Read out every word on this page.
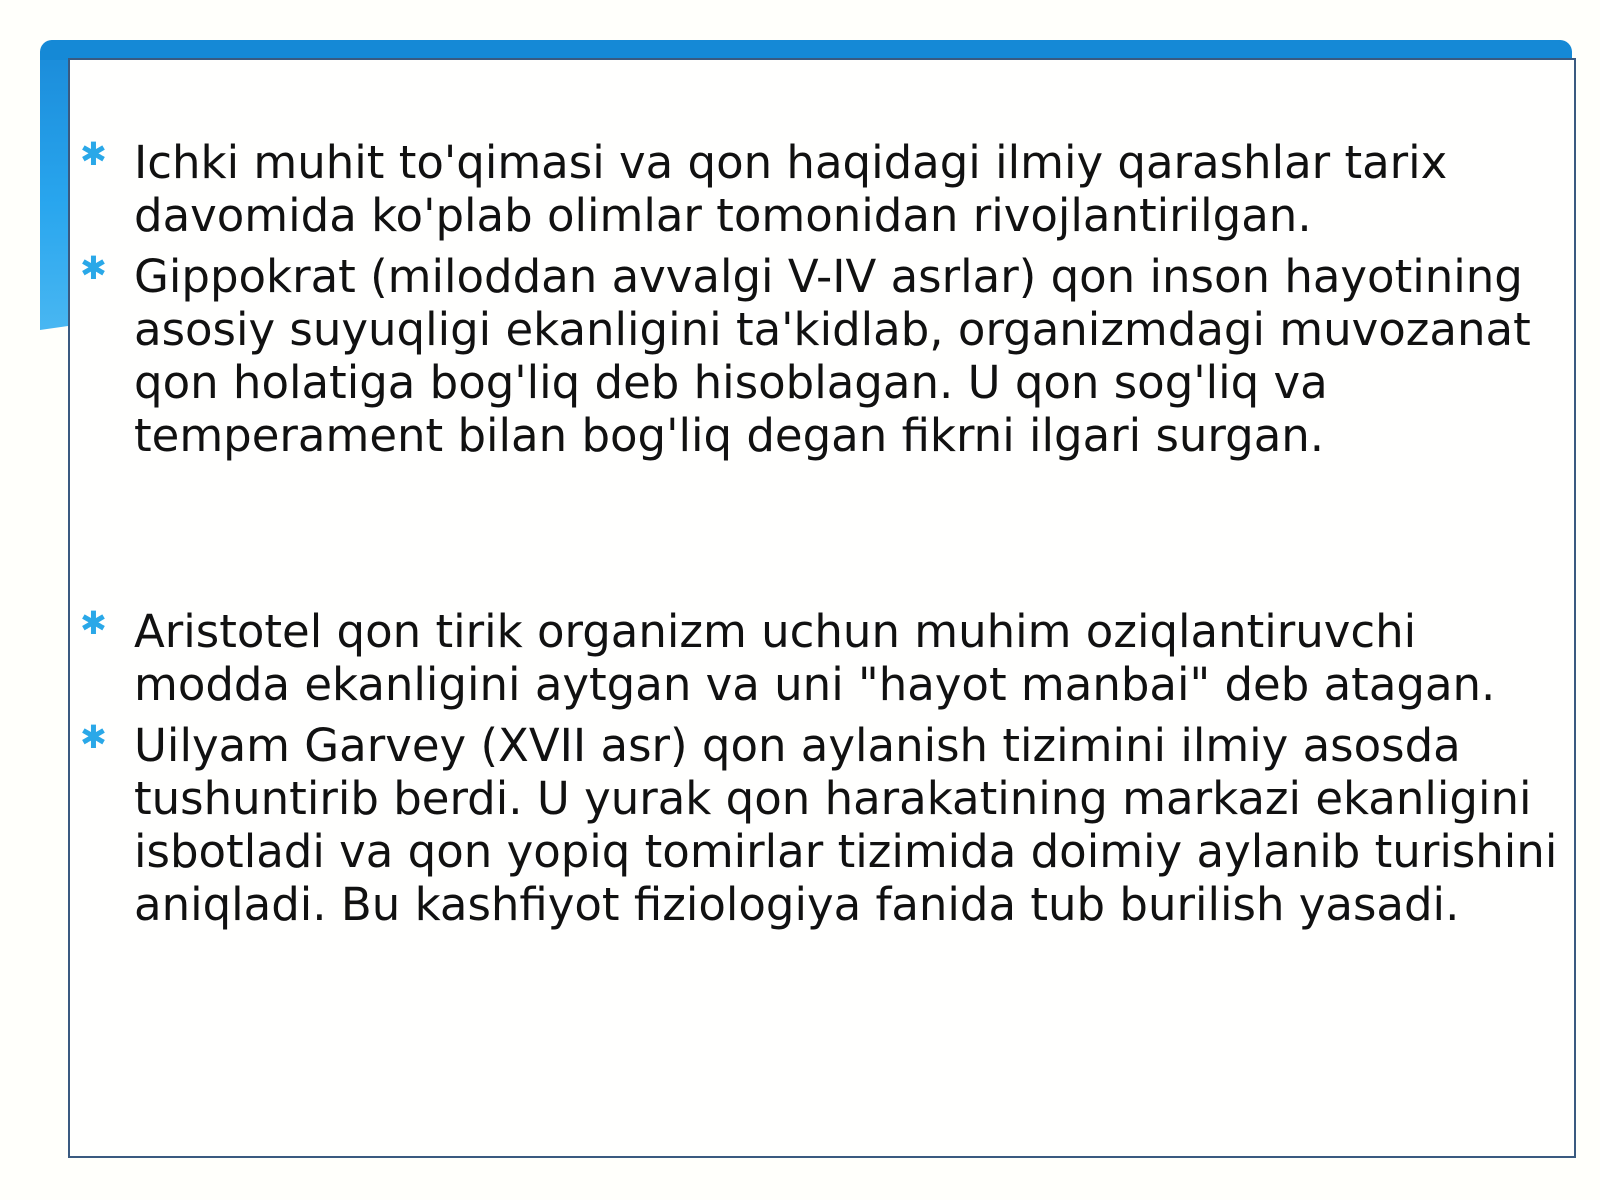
✱ Ichki muhit to'qimasi va qon haqidagi ilmiy qarashlar tarix davomida ko'plab olimlar tomonidan rivojlantirilgan.
✱ Gippokrat (miloddan avvalgi V-IV asrlar) qon inson hayotining asosiy suyuqligi ekanligini ta'kidlab, organizmdagi muvozanat qon holatiga bog'liq deb hisoblagan. U qon sog'liq va temperament bilan bog'liq degan fikrni ilgari surgan.
✱ Aristotel qon tirik organizm uchun muhim oziqlantiruvchi modda ekanligini aytgan va uni "hayot manbai" deb atagan.
✱ Uilyam Garvey (XVII asr) qon aylanish tizimini ilmiy asosda tushuntirib berdi. U yurak qon harakatining markazi ekanligini isbotladi va qon yopiq tomirlar tizimida doimiy aylanib turishini aniqladi. Bu kashfiyot fiziologiya fanida tub burilish yasadi.
